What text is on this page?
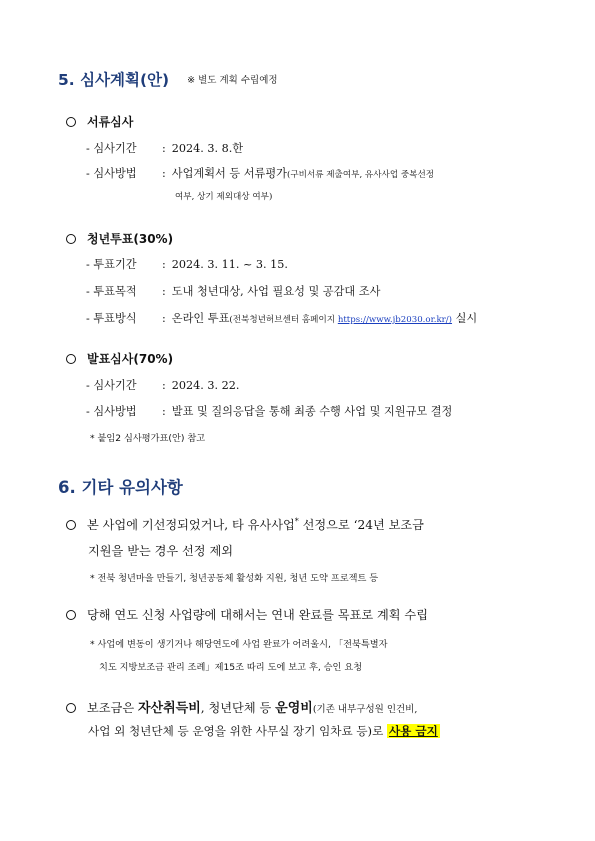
5. 심사계획(안) ※ 별도 계획 수립예정
서류심사
- 심사기간 : 2024. 3. 8.한
- 심사방법 : 사업계획서 등 서류평가(구비서류 제출여부, 유사사업 중복선정
여부, 상기 제외대상 여부)
청년투표(30%)
- 투표기간 : 2024. 3. 11. ~ 3. 15.
- 투표목적 : 도내 청년대상, 사업 필요성 및 공감대 조사
- 투표방식 : 온라인 투표(전북청년허브센터 홈페이지 https://www.jb2030.or.kr/) 실시
발표심사(70%)
- 심사기간 : 2024. 3. 22.
- 심사방법 : 발표 및 질의응답을 통해 최종 수행 사업 및 지원규모 결정
* 붙임2 심사평가표(안) 참고
6. 기타 유의사항
본 사업에 기선정되었거나, 타 유사사업* 선정으로 ‘24년 보조금
지원을 받는 경우 선정 제외
* 전북 청년마을 만들기, 청년공동체 활성화 지원, 청년 도약 프로젝트 등
당해 연도 신청 사업량에 대해서는 연내 완료를 목표로 계획 수립
* 사업에 변동이 생기거나 해당연도에 사업 완료가 어려울시, 「전북특별자
치도 지방보조금 관리 조례」제15조 따리 도에 보고 후, 승인 요청
보조금은 자산취득비, 청년단체 등 운영비(기존 내부구성원 인건비,
사업 외 청년단체 등 운영을 위한 사무실 장기 임차료 등)로 사용 금지
